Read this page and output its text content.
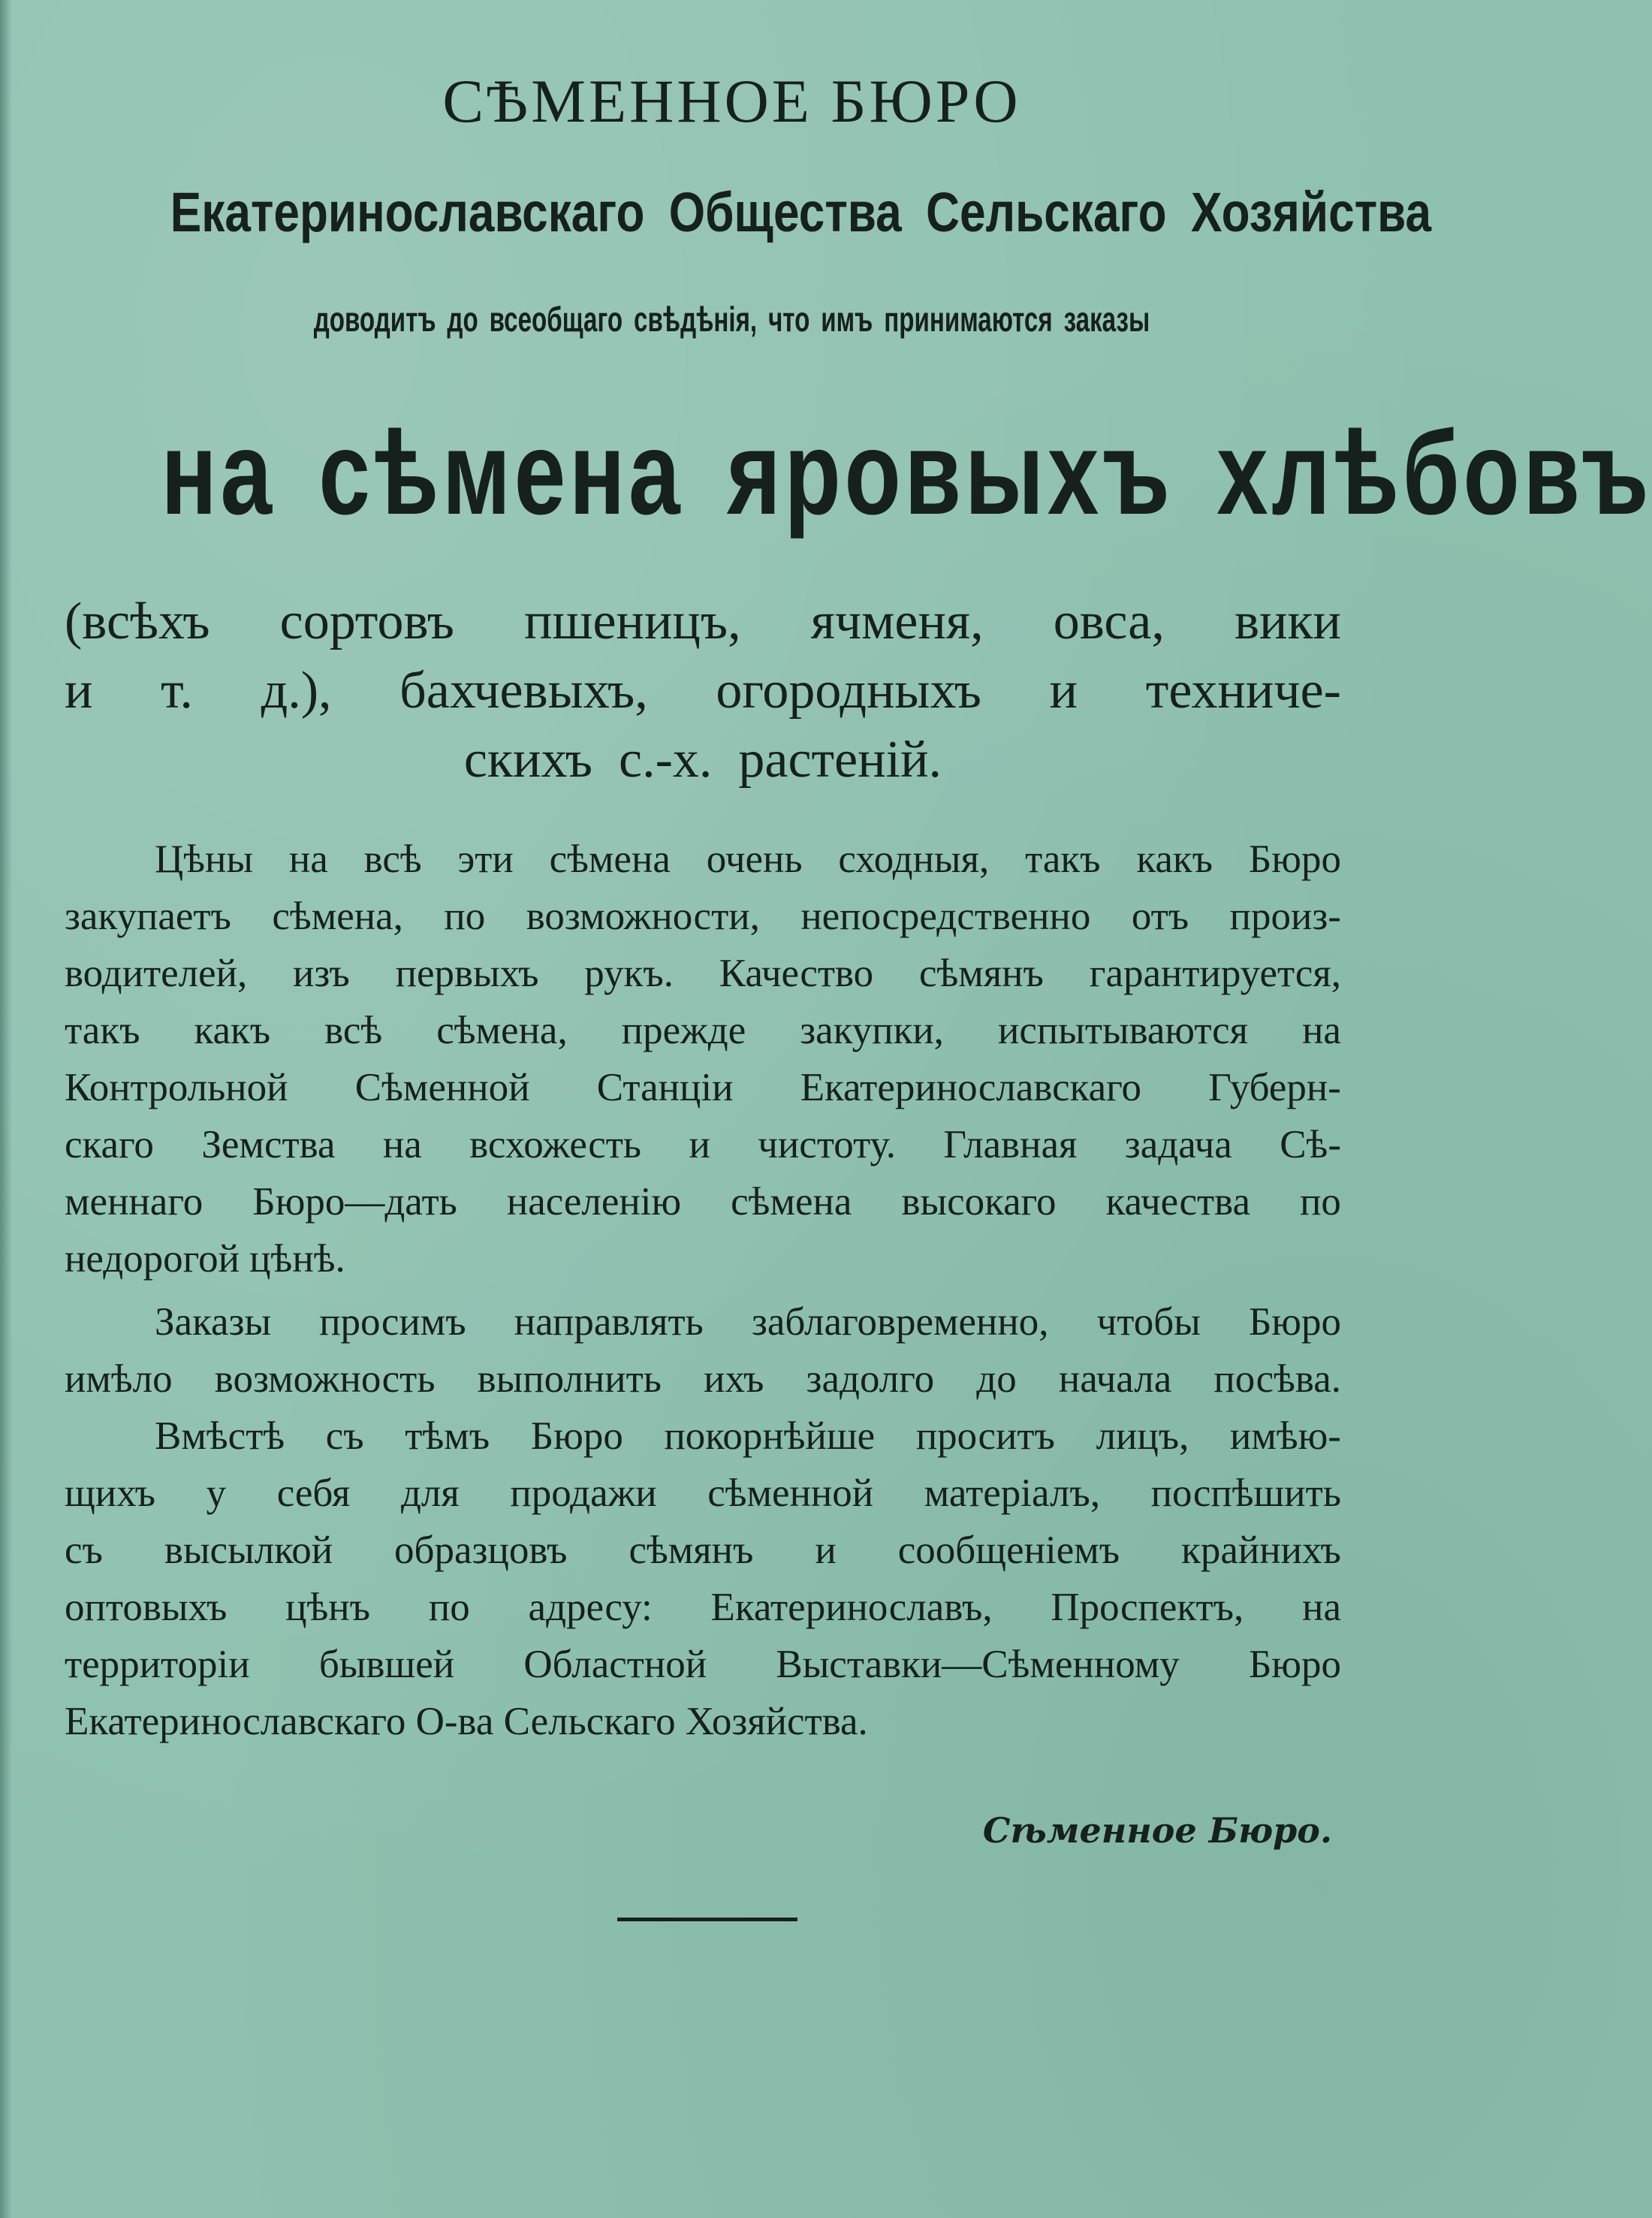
СѢМЕННОЕ БЮРО
Екатеринославскаго Общества Сельскаго Хозяйства
доводитъ до всеобщаго свѣдѣнія, что имъ принимаются заказы
на сѣмена яровыхъ хлѣбовъ
(всѣхъ сортовъ пшеницъ, ячменя, овса, вики
и т. д.), бахчевыхъ, огородныхъ и техниче-
скихъ
с.-х.
растеній.
Цѣны на всѣ эти сѣмена очень сходныя, такъ какъ Бюро
закупаетъ сѣмена, по возможности, непосредственно отъ произ-
водителей, изъ первыхъ рукъ. Качество сѣмянъ гарантируется,
такъ какъ всѣ сѣмена, прежде закупки, испытываются на
Контрольной Сѣменной Станціи Екатеринославскаго Губерн-
скаго Земства на всхожесть и чистоту. Главная задача Сѣ-
меннаго Бюро—дать населенію сѣмена высокаго качества по
недорогой цѣнѣ.
Заказы просимъ направлять заблаговременно, чтобы Бюро
имѣло возможность выполнить ихъ задолго до начала посѣва.
Вмѣстѣ съ тѣмъ Бюро покорнѣйше проситъ лицъ, имѣю-
щихъ у себя для продажи сѣменной матеріалъ, поспѣшить
съ высылкой образцовъ сѣмянъ и сообщеніемъ крайнихъ
оптовыхъ цѣнъ по адресу: Екатеринославъ, Проспектъ, на
территоріи бывшей Областной Выставки—Сѣменному Бюро
Екатеринославскаго О-ва Сельскаго Хозяйства.
Сѣменное Бюро.
